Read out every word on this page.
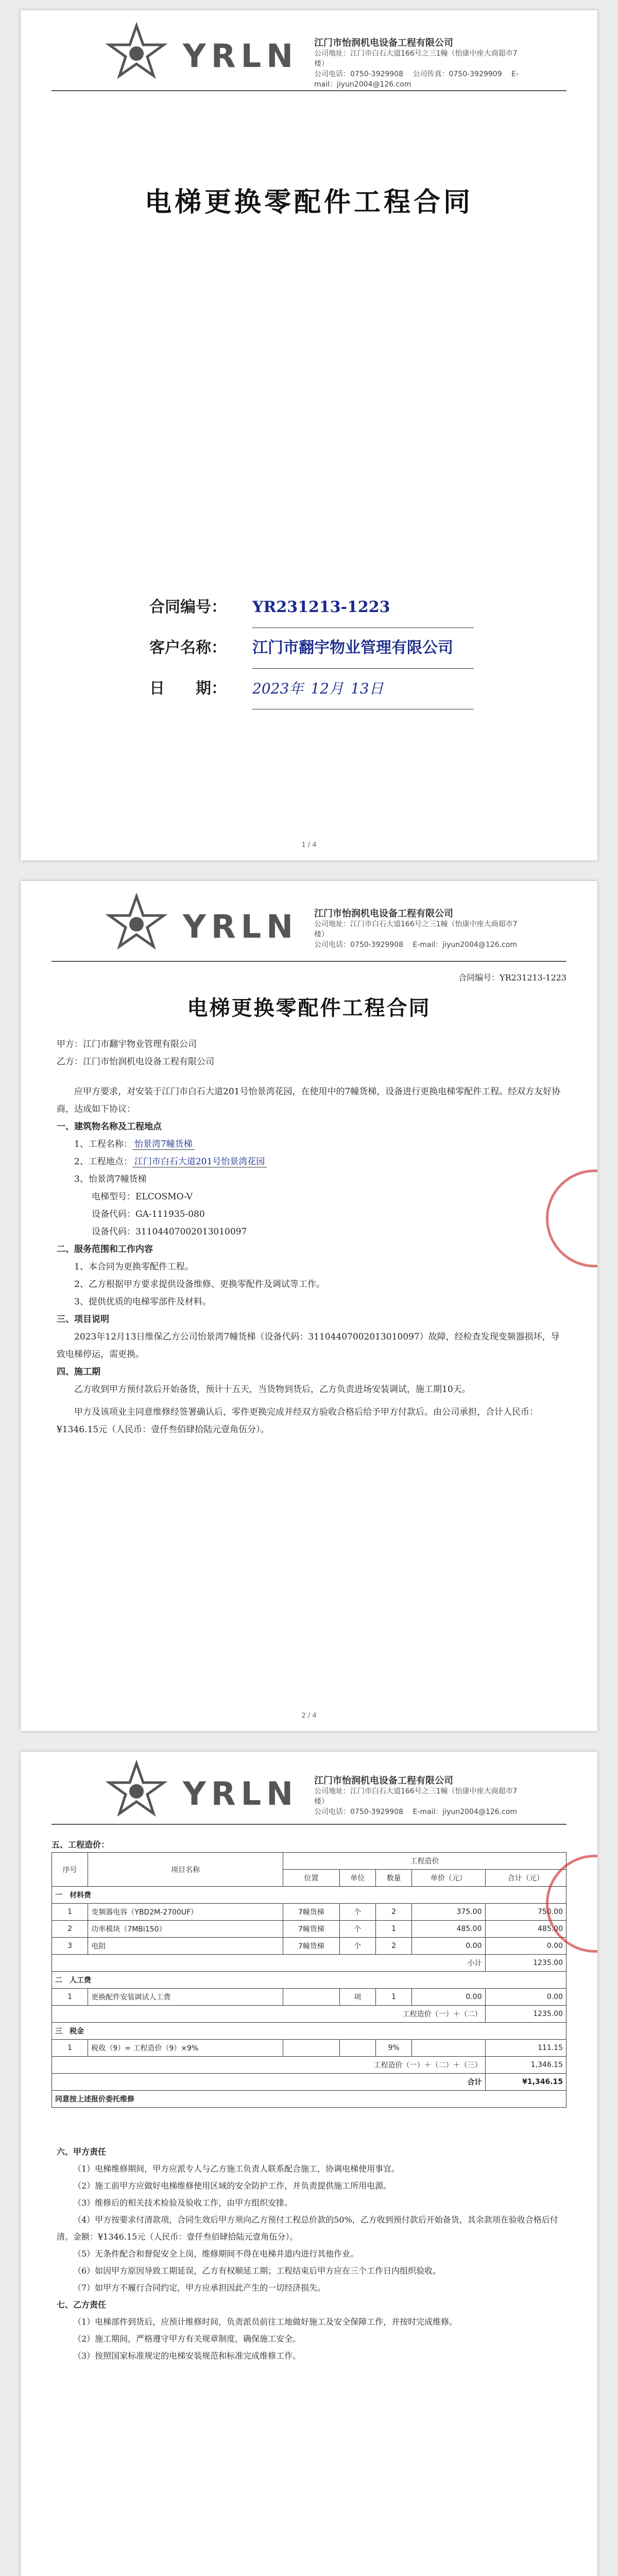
YRLN 江门市怡润机电设备工程有限公司
公司地址：江门市白石大道166号之三1幢（怡康中座大商超市7楼）
公司电话：0750-3929908 　 公司传真：0750-3929909 　 E-mail：jiyun2004@126.com
电梯更换零配件工程合同
合同编号：	YR231213-1223
客户名称：	江门市翻宇物业管理有限公司
日　　期：	2023年 12月 13日
1 / 4
YRLN 江门市怡润机电设备工程有限公司
公司地址：江门市白石大道166号之三1幢（怡康中座大商超市7楼）
公司电话：0750-3929908 　 E-mail：jiyun2004@126.com
合同编号：YR231213-1223
电梯更换零配件工程合同

甲方：江门市翻宇物业管理有限公司

乙方：江门市怡润机电设备工程有限公司

应甲方要求，对安装于江门市白石大道201号怡景湾花园，在使用中的7幢货梯，设备进行更换电梯零配件工程。经双方友好协商，达成如下协议：

一、建筑物名称及工程地点

1、工程名称： 怡景湾7幢货梯

2、工程地点： 江门市白石大道201号怡景湾花园

3、怡景湾7幢货梯

电梯型号：ELCOSMO-V

设备代码：GA-111935-080

设备代码：31104407002013010097

二、服务范围和工作内容

1、本合同为更换零配件工程。

2、乙方根据甲方要求提供设备维修、更换零配件及调试等工作。

3、提供优质的电梯零部件及材料。

三、项目说明

2023年12月13日维保乙方公司怡景湾7幢货梯（设备代码：31104407002013010097）故障，经检查发现变频器损坏，导致电梯停运，需更换。

四、施工期

乙方收到甲方预付款后开始备货，预计十五天，当货物到货后，乙方负责进场安装调试，施工期10天。

甲方及该项业主同意维修经签署确认后，零件更换完成并经双方验收合格后给予甲方付款后。由公司承担，合计人民币：¥1346.15元（人民币：壹仟叁佰肆拾陆元壹角伍分）。

2 / 4
YRLN 江门市怡润机电设备工程有限公司
公司地址：江门市白石大道166号之三1幢（怡康中座大商超市7楼）
公司电话：0750-3929908 　 E-mail：jiyun2004@126.com
五、工程造价：
序号	项目名称	工程造价				
		位置	单位	数量	单价（元）	合计（元）
一　材料费						
1	变频器电容（YBD2M-2700UF）	7幢货梯	个	2	375.00	750.00
2	功率模块（7MBi150）	7幢货梯	个	1	485.00	485.00
3	电阻	7幢货梯	个	2	0.00	0.00
小计						1235.00
二　人工费						
1	更换配件安装调试人工费		项	1	0.00	0.00
工程造价（一）＋（二）						1235.00
三　税金						
1	税收（9）= 工程造价（9）×9%			9%		111.15
工程造价（一）＋（二）＋（三）						1,346.15
合计						¥1,346.15
同意按上述报价委托维修						

六、甲方责任

（1）电梯维修期间，甲方应派专人与乙方施工负责人联系配合施工，协调电梯使用事宜。

（2）施工前甲方应做好电梯维修使用区域的安全防护工作，并负责提供施工所用电源。

（3）维修后的相关技术检验及验收工作，由甲方组织安排。

（4）甲方按要求付清款项，合同生效后甲方须向乙方预付工程总价款的50%，乙方收到预付款后开始备货，其余款项在验收合格后付清。金额：¥1346.15元（人民币：壹仟叁佰肆拾陆元壹角伍分）。

（5）无条件配合和督促安全上岗，维修期间不得在电梯井道内进行其他作业。

（6）如因甲方原因导致工期延误，乙方有权顺延工期；工程结束后甲方应在三个工作日内组织验收。

（7）如甲方不履行合同约定，甲方应承担因此产生的一切经济损失。

七、乙方责任

（1）电梯部件到货后，应预计维修时间，负责派员前往工地做好施工及安全保障工作，并按时完成维修。

（2）施工期间，严格遵守甲方有关规章制度，确保施工安全。

（3）按照国家标准规定的电梯安装规范和标准完成维修工作。
